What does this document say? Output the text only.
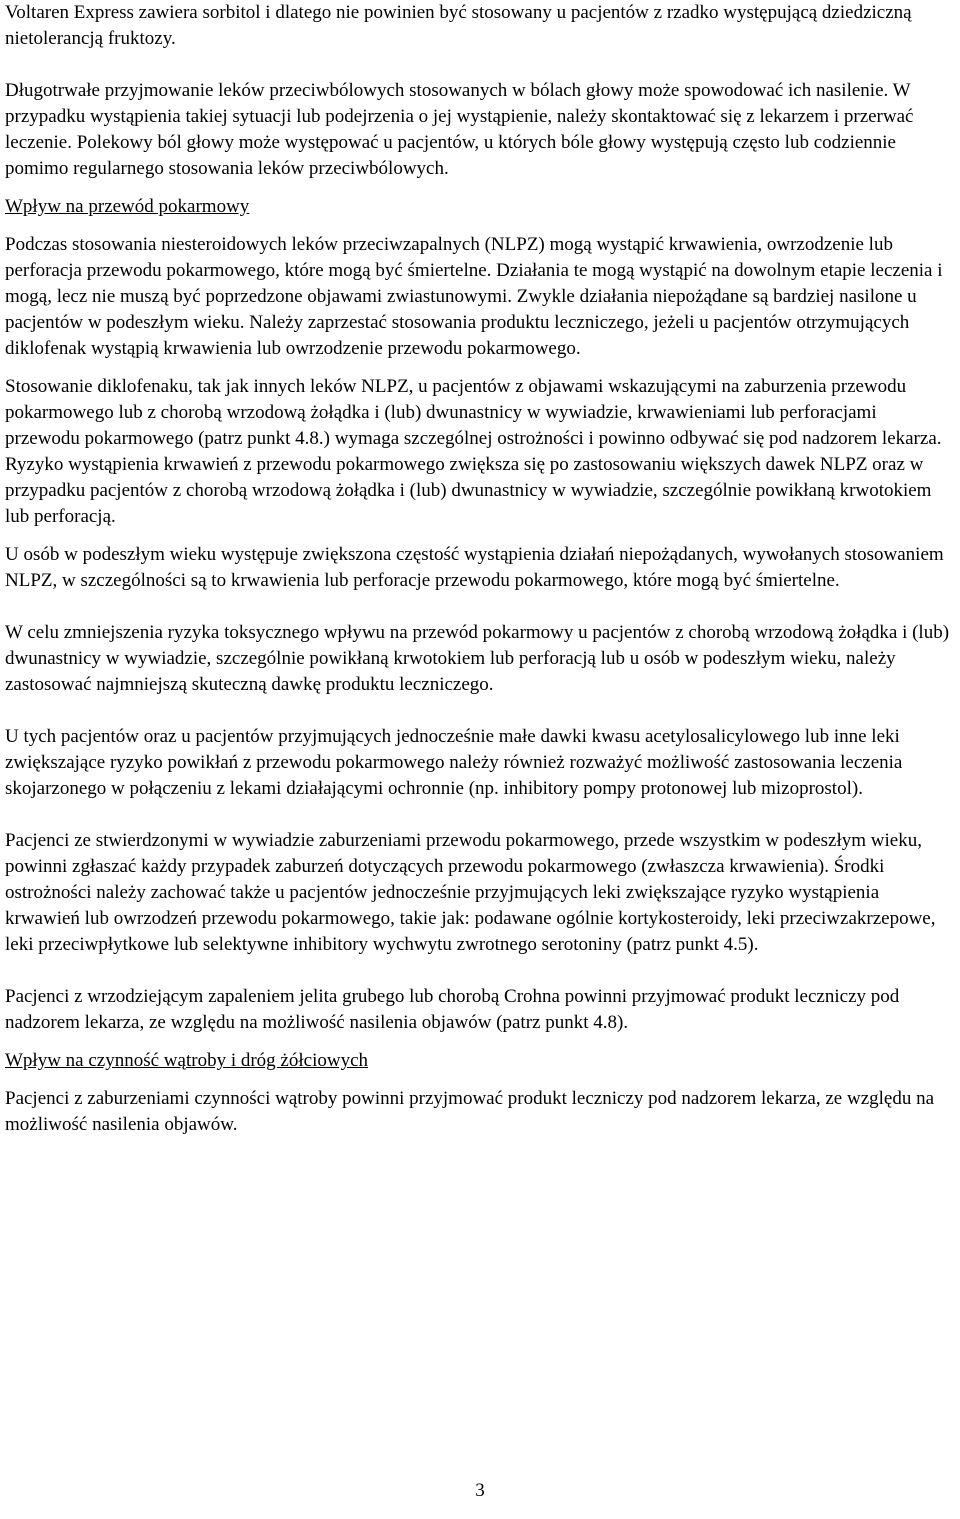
Voltaren Express zawiera sorbitol i dlatego nie powinien być stosowany u pacjentów z rzadko występującą dziedziczną nietolerancją fruktozy.

Długotrwałe przyjmowanie leków przeciwbólowych stosowanych w bólach głowy może spowodować ich nasilenie. W przypadku wystąpienia takiej sytuacji lub podejrzenia o jej wystąpienie, należy skontaktować się z lekarzem i przerwać leczenie. Polekowy ból głowy może występować u pacjentów, u których bóle głowy występują często lub codziennie pomimo regularnego stosowania leków przeciwbólowych.

Wpływ na przewód pokarmowy

Podczas stosowania niesteroidowych leków przeciwzapalnych (NLPZ) mogą wystąpić krwawienia, owrzodzenie lub perforacja przewodu pokarmowego, które mogą być śmiertelne. Działania te mogą wystąpić na dowolnym etapie leczenia i mogą, lecz nie muszą być poprzedzone objawami zwiastunowymi. Zwykle działania niepożądane są bardziej nasilone u pacjentów w podeszłym wieku. Należy zaprzestać stosowania produktu leczniczego, jeżeli u pacjentów otrzymujących diklofenak wystąpią krwawienia lub owrzodzenie przewodu pokarmowego.

Stosowanie diklofenaku, tak jak innych leków NLPZ, u pacjentów z objawami wskazującymi na zaburzenia przewodu pokarmowego lub z chorobą wrzodową żołądka i (lub) dwunastnicy w wywiadzie, krwawieniami lub perforacjami przewodu pokarmowego (patrz punkt 4.8.) wymaga szczególnej ostrożności i powinno odbywać się pod nadzorem lekarza. Ryzyko wystąpienia krwawień z przewodu pokarmowego zwiększa się po zastosowaniu większych dawek NLPZ oraz w przypadku pacjentów z chorobą wrzodową żołądka i (lub) dwunastnicy w wywiadzie, szczególnie powikłaną krwotokiem lub perforacją.

U osób w podeszłym wieku występuje zwiększona częstość wystąpienia działań niepożądanych, wywołanych stosowaniem NLPZ, w szczególności są to krwawienia lub perforacje przewodu pokarmowego, które mogą być śmiertelne.

W celu zmniejszenia ryzyka toksycznego wpływu na przewód pokarmowy u pacjentów z chorobą wrzodową żołądka i (lub) dwunastnicy w wywiadzie, szczególnie powikłaną krwotokiem lub perforacją lub u osób w podeszłym wieku, należy zastosować najmniejszą skuteczną dawkę produktu leczniczego.

U tych pacjentów oraz u pacjentów przyjmujących jednocześnie małe dawki kwasu acetylosalicylowego lub inne leki zwiększające ryzyko powikłań z przewodu pokarmowego należy również rozważyć możliwość zastosowania leczenia skojarzonego w połączeniu z lekami działającymi ochronnie (np. inhibitory pompy protonowej lub mizoprostol).

Pacjenci ze stwierdzonymi w wywiadzie zaburzeniami przewodu pokarmowego, przede wszystkim w podeszłym wieku, powinni zgłaszać każdy przypadek zaburzeń dotyczących przewodu pokarmowego (zwłaszcza krwawienia). Środki ostrożności należy zachować także u pacjentów jednocześnie przyjmujących leki zwiększające ryzyko wystąpienia krwawień lub owrzodzeń przewodu pokarmowego, takie jak: podawane ogólnie kortykosteroidy, leki przeciwzakrzepowe, leki przeciwpłytkowe lub selektywne inhibitory wychwytu zwrotnego serotoniny (patrz punkt 4.5).

Pacjenci z wrzodziejącym zapaleniem jelita grubego lub chorobą Crohna powinni przyjmować produkt leczniczy pod nadzorem lekarza, ze względu na możliwość nasilenia objawów (patrz punkt 4.8).

Wpływ na czynność wątroby i dróg żółciowych

Pacjenci z zaburzeniami czynności wątroby powinni przyjmować produkt leczniczy pod nadzorem lekarza, ze względu na możliwość nasilenia objawów.

3
